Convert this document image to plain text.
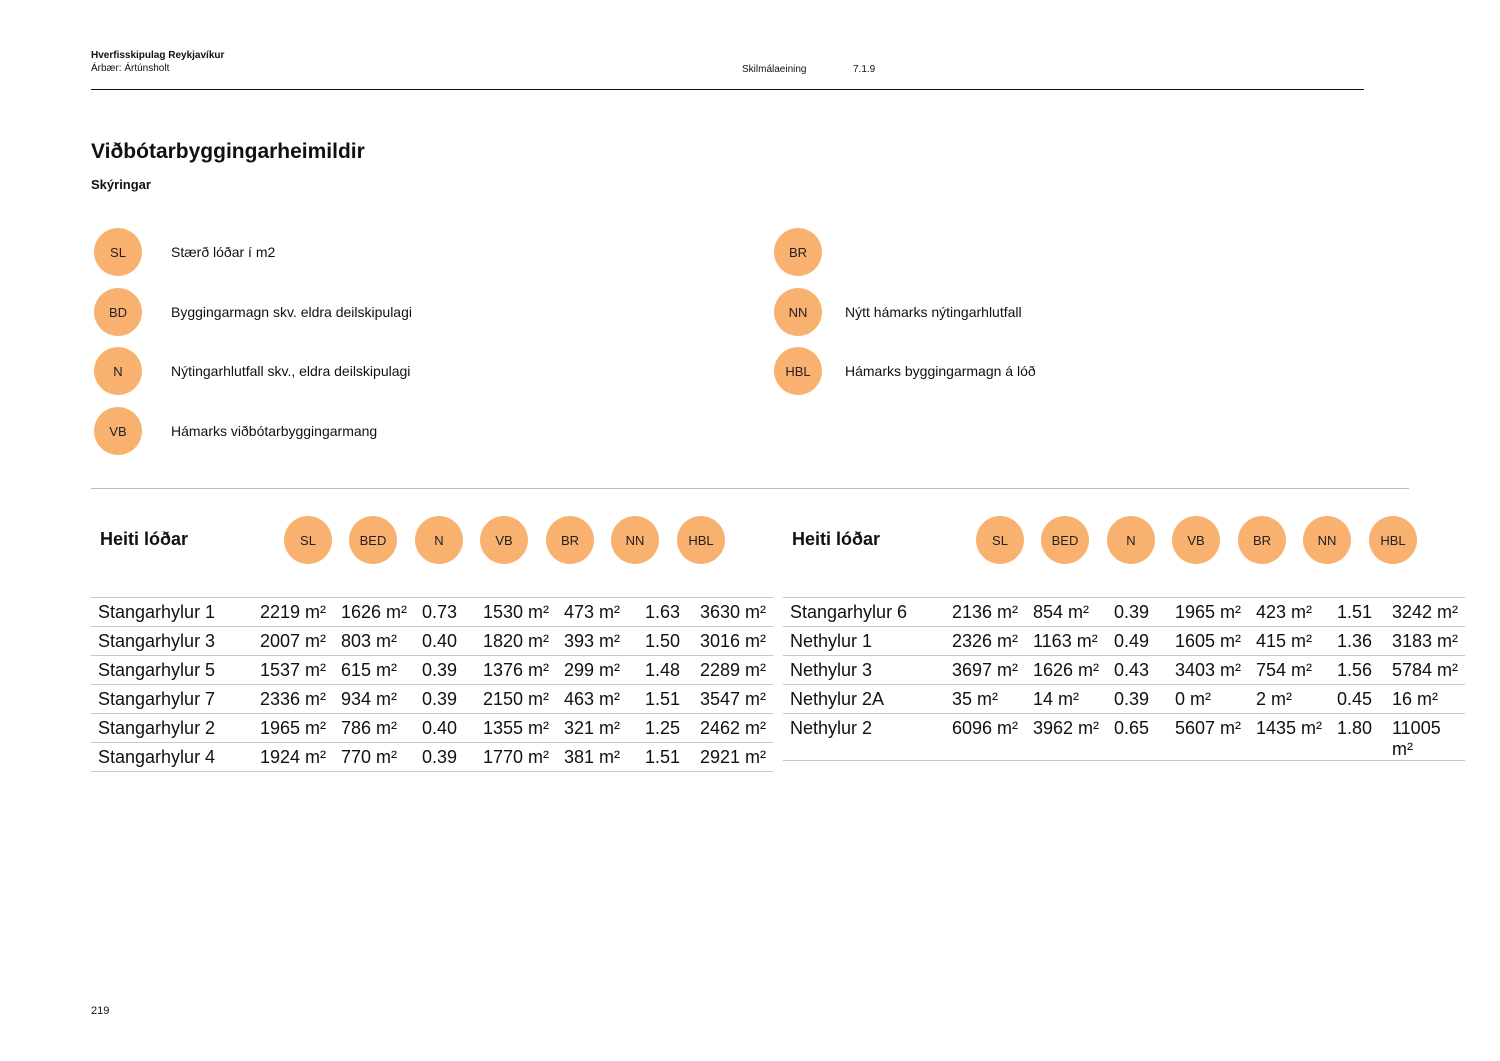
Hverfisskipulag Reykjavíkur
Árbær: Ártúnsholt	Skilmálaeining	7.1.9
Viðbótarbyggingarheimildir
Skýringar
SL	Stærð lóðar í m2
BD	Byggingarmagn skv. eldra deilskipulagi
N	Nýtingarhlutfall skv., eldra deilskipulagi
VB	Hámarks viðbótarbyggingarmang
BR
NN	Nýtt hámarks nýtingarhlutfall
HBL	Hámarks byggingarmagn á lóð
Heiti lóðar	SL	BED	N	VB	BR	NN	HBL	Heiti lóðar	SL	BED	N	VB	BR	NN	HBL
Stangarhylur 1	2219 m²	1626 m²	0.73	1530 m²	473 m²	1.63	3630 m²
Stangarhylur 3	2007 m²	803 m²	0.40	1820 m²	393 m²	1.50	3016 m²
Stangarhylur 5	1537 m²	615 m²	0.39	1376 m²	299 m²	1.48	2289 m²
Stangarhylur 7	2336 m²	934 m²	0.39	2150 m²	463 m²	1.51	3547 m²
Stangarhylur 2	1965 m²	786 m²	0.40	1355 m²	321 m²	1.25	2462 m²
Stangarhylur 4	1924 m²	770 m²	0.39	1770 m²	381 m²	1.51	2921 m²
Stangarhylur 6	2136 m²	854 m²	0.39	1965 m²	423 m²	1.51	3242 m²
Nethylur 1	2326 m²	1163 m²	0.49	1605 m²	415 m²	1.36	3183 m²
Nethylur 3	3697 m²	1626 m²	0.43	3403 m²	754 m²	1.56	5784 m²
Nethylur 2A	35 m²	14 m²	0.39	0 m²	2 m²	0.45	16 m²
Nethylur 2	6096 m²	3962 m²	0.65	5607 m²	1435 m²	1.80	11005 m²
219
